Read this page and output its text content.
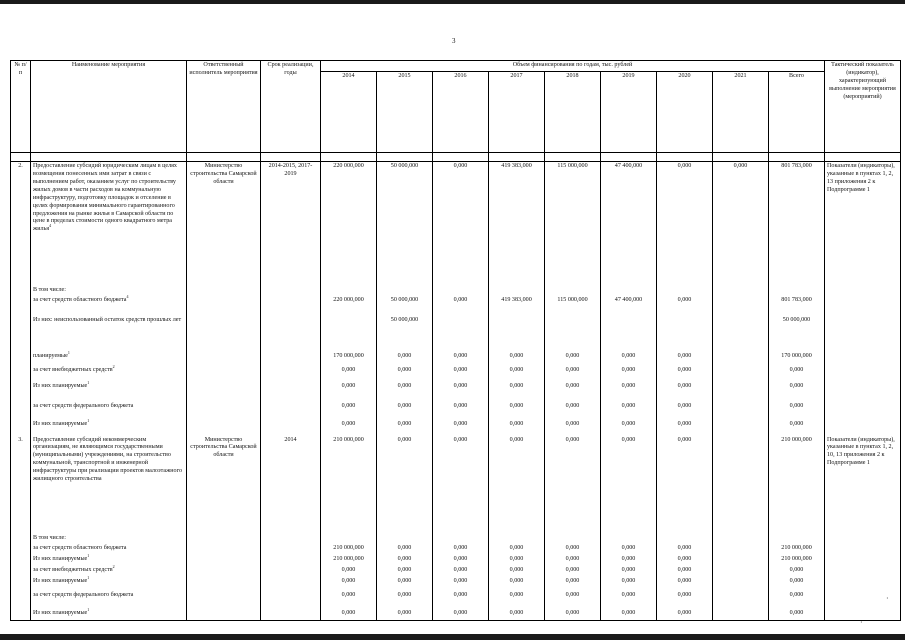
3
№ п/п	Наименование мероприятия	Ответственный исполнитель мероприятия	Срок реализации, годы	Объем финансирования по годам, тыс. рублей									Тактический показатель (индикатор), характеризующий выполнение мероприятия (мероприятий)
				2014	2015	2016	2017	2018	2019	2020	2021	Всего	

2.	Предоставление субсидий юридическим лицам в целях возмещения понесенных ими затрат в связи с выполнением работ, оказанием услуг по строительству жилых домов в части расходов на коммунальную инфраструктуру, подготовку площадок и отселение в целях формирования минимального гарантированного предложения на рынке жилья в Самарской области по цене в пределах стоимости одного квадратного метра жилья$^4$	Министерство строительства Самарской области	2014-2015, 2017-2019	220 000,000	50 000,000	0,000	419 383,000	115 000,000	47 400,000	0,000	0,000	801 783,000	Показатели (индикаторы), указанные в пунктах 1, 2, 13 приложения 2 к Подпрограмме 1
	В том числе:												
	за счет средств областного бюджета$^4$			220 000,000	50 000,000	0,000	419 383,000	115 000,000	47 400,000	0,000		801 783,000	
	Из них: неиспользованный остаток средств прошлых лет				50 000,000							50 000,000	
	планируемые$^1$			170 000,000	0,000	0,000	0,000	0,000	0,000	0,000		170 000,000	
	за счет внебюджетных средств$^2$			0,000	0,000	0,000	0,000	0,000	0,000	0,000		0,000	
	Из них планируемые$^1$			0,000	0,000	0,000	0,000	0,000	0,000	0,000		0,000	
	за счет средств федерального бюджета			0,000	0,000	0,000	0,000	0,000	0,000	0,000		0,000	
	Из них планируемые$^1$			0,000	0,000	0,000	0,000	0,000	0,000	0,000		0,000	
3.	Предоставление субсидий некоммерческим организациям, не являющимся государственными (муниципальными) учреждениями, на строительство коммунальной, транспортной и инженерной инфраструктуры при реализации проектов малоэтажного жилищного строительства	Министерство строительства Самарской области	2014	210 000,000	0,000	0,000	0,000	0,000	0,000	0,000		210 000,000	Показатели (индикаторы), указанные в пунктах 1, 2, 10, 13 приложения 2 к Подпрограмме 1
	В том числе:												
	за счет средств областного бюджета			210 000,000	0,000	0,000	0,000	0,000	0,000	0,000		210 000,000	
	Из них планируемые$^1$			210 000,000	0,000	0,000	0,000	0,000	0,000	0,000		210 000,000	
	за счет внебюджетных средств$^2$			0,000	0,000	0,000	0,000	0,000	0,000	0,000		0,000	
	Из них планируемые$^1$			0,000	0,000	0,000	0,000	0,000	0,000	0,000		0,000	
	за счет средств федерального бюджета			0,000	0,000	0,000	0,000	0,000	0,000	0,000		0,000	
	Из них планируемые$^1$			0,000	0,000	0,000	0,000	0,000	0,000	0,000		0,000	
·
·
